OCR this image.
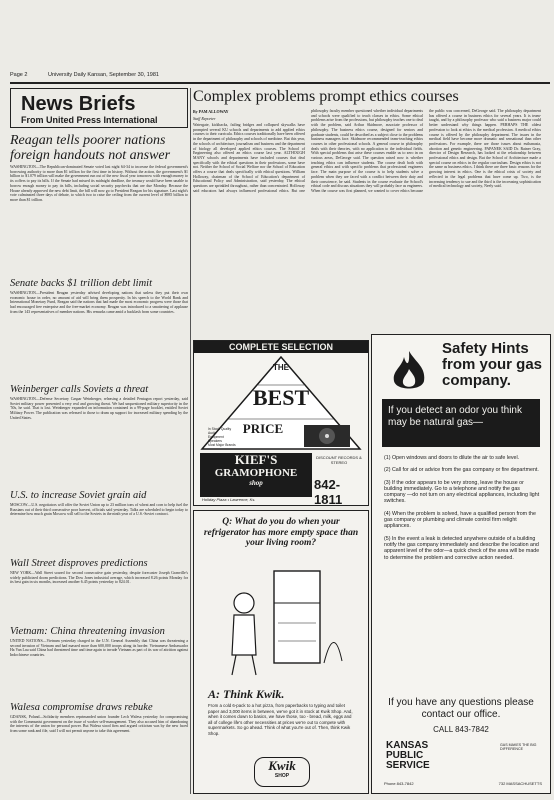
Page 2	University Daily Kansan, September 30, 1981
News Briefs
From United Press International
Reagan tells poorer nations foreign handouts not answer

WASHINGTON—The Republican-dominated Senate voted last night 64-34 to increase the federal government's borrowing authority to more than $1 trillion for the first time in history. Without the action, the government's $1 billion to $1.079 trillion will make the government run out of the new fiscal year tomorrow with enough money to its coffers to pay its bills. If the Senate had missed its midnight deadline, the treasury would have been unable to borrow enough money to pay its bills, including social security paychecks that are due Monday. Because the House already approved the new debt limit, the bill will now go to President Reagan for his signature. Last night's vote culminated three days of debate, to which two to raise the ceiling from the current level of $985 billion to more than $1 trillion.

Senate backs $1 trillion debt limit

WASHINGTON—President Reagan yesterday advised developing nations that unless they put their own economic house in order, no amount of aid will bring them prosperity. In his speech to the World Bank and International Monetary Fund, Reagan said the nations that had made the most economic progress were those that had encouraged free enterprise and the free-market economy. Reagan was introduced to a smattering of applause from the 143 representatives of member nations. His remarks came amid a backlash from some countries.

Weinberger calls Soviets a threat

WASHINGTON—Defense Secretary Caspar Weinberger, releasing a detailed Pentagon report yesterday, said Soviet military power presented a very real and growing threat. We had unquestioned military superiority in the '50s, he said. That is lost. Weinberger expanded on information contained in a 99-page booklet, entitled Soviet Military Power. The publication was released to those to drum up support for increased military spending by the United States.

U.S. to increase Soviet grain aid

MOSCOW—U.S. negotiators will offer the Soviet Union up to 23 million tons of wheat and corn to help fuel the Russians out of their third consecutive poor harvest, officials said yesterday. Talks are scheduled to begin today to determine how much grain Moscow will sell to the Soviets in the ninth year of a U.S.-Soviet contract.

Wall Street disproves predictions

NEW YORK—Wall Street soared for second consecutive gain yesterday, despite forecaster Joseph Granville's widely publicized doom predictions. The Dow Jones industrial average, which increased 8.26 points Monday for its best gain in six months, increased another 6.45 points yesterday to 824.01.

Vietnam: China threatening invasion

UNITED NATIONS—Vietnam yesterday charged in the U.N. General Assembly that China was threatening a second invasion of Vietnam and had massed more than 600,000 troops along its border. Vietnamese Ambassador Ha Van Lau said China had threatened time and time again to invade Vietnam as part of its war of attrition against Indochinese countries.

Walesa compromise draws rebuke

GDANSK, Poland—Solidarity members reprimanded union founder Lech Walesa yesterday for compromising with the Communist government on the issue of worker self-management. They also accused him of abandoning the interests of the union for personal power. But Walesa stood firm and argued criticism was by the new faced from some rank and file, said I will not permit anyone to take this agreement.

Complex problems prompt ethics courses
By PAM ALLOWAY
Staff Reporter

Watergate, kickbacks, failing bridges and collapsed skywalks have prompted several KU schools and departments to add applied ethics courses to their curricula. Ethics courses traditionally have been offered in the department of philosophy and schools of medicine. But this year, the schools of architecture, journalism and business and the department of biology all developed applied ethics courses. The School of Engineering also offered an ethics course last year. ALTHOUGH MANY schools and departments have included courses that deal specifically with the ethical questions in their professions, some have not. Neither the School of Social Welfare nor the School of Education offers a course that deals specifically with ethical questions. William Holloway, chairman of the School of Education's department of Educational Policy and Administration, said yesterday, The ethical questions are sprinkled throughout, rather than concentrated. Holloway said educators had always influenced professional ethics. But one philosophy faculty member questioned whether individual departments and schools were qualified to teach classes in ethics. Some ethical problems arise from the professions, but philosophy teaches one to deal with the problem, said Arthur Skidmore, associate professor of philosophy. The business ethics course, designed for seniors and graduate students, could be described as a subject close to the problems business managers face. Skidmore recommended team-teaching ethics courses in other professional schools. A general course in philosophy deals with their theories, with no application to the individual fields. With special problems that arise these courses enable us to zero in on various areas, DeGeorge said. The question raised now is whether teaching ethics can influence students. The course dealt both with general ethics and with specific problems that professional engineers face. The main purpose of the course is to help students solve a problem when they are faced with a conflict between their duty and their conscience, he said. Students in the course evaluate the School's ethical code and discuss situations they will probably face as engineers. When the course was first planned, we wanted to cover ethics because the public was concerned, DeGeorge said. The philosophy department has offered a course in business ethics for several years. It is team-taught, and by a philosophy professor who said a business major could better understand why things happen. PERHAPS THE oldest profession to look at ethics is the medical profession. A medical ethics course is offered by the philosophy department. The issues in the medical field have become more dramatic and sensational than other professions. For example, there are those issues about euthanasia, abortion and genetic engineering. PAPANEK SAID Dr. Rainer Gray, director of Design Research, has looked at the relationship between professional ethics and design. But the School of Architecture made a special course on ethics in the regular curriculum. Design ethics is not the same as business ethics. I think there are three basic reasons for the growing interest in ethics. One is the ethical crisis of society and reflected in the legal problems that have come up. Two, is the increasing tendency to sue and the third is the increasing sophistication of medical technology and society, Neely said.

COMPLETE SELECTION
THE
BEST
PRICE
In Stock Quality Audio
Equipment
Speakers
Most Major Brands
KIEF'S
GRAMOPHONE
shop
DISCOUNT RECORDS & STEREO
842-1811
Holiday Plaza • Lawrence, Ks.
Q: What do you do when your refrigerator has more empty space than your living room?
A: Think Kwik.
From a cold 6-pack to a hot pizza, from paperbacks to typing and toilet paper and 3,000 items in between, we've got it in stock at Kwik Shop. And, when it comes down to basics, we have those, too - bread, milk, eggs and all of college life's other necessities at prices we're out to compete with supermarkets. So go ahead. Think of what you're out of. Then, think Kwik Shop.
Kwik
SHOP
Safety Hints from your gas company.
If you detect an odor you think may be natural gas—
(1) Open windows and doors to dilute the air to safe level.
(2) Call for aid or advice from the gas company or fire department.
(3) If the odor appears to be very strong, leave the house or building immediately. Go to a telephone and notify the gas company —do not turn on any electrical appliances, including light switches.
(4) When the problem is solved, have a qualified person from the gas company or plumbing and climate control firm relight appliances.
(5) In the event a leak is detected anywhere outside of a building notify the gas company immediately and describe the location and apparent level of the odor—a quick check of the area will be made to determine the problem and corrective action needed.
If you have any questions please contact our office.
CALL 843-7842
KANSAS
PUBLIC
SERVICE
GAS MAKES THE BIG DIFFERENCE
Phone 843-7842	732 MASSACHUSETTS
